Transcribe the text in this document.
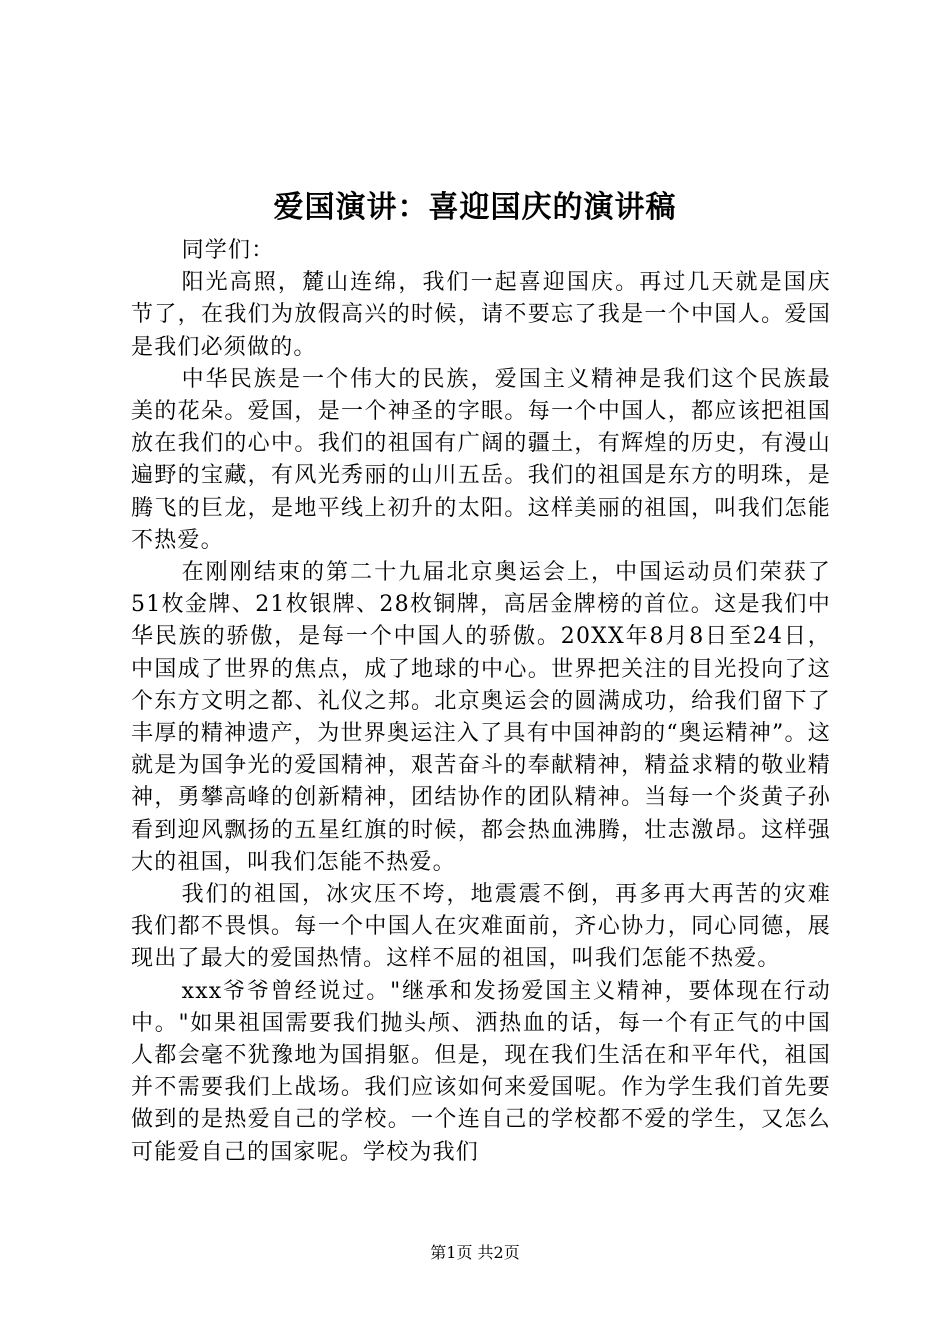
爱国演讲：喜迎国庆的演讲稿

同学们：

阳光高照，麓山连绵，我们一起喜迎国庆。再过几天就是国庆节了，在我们为放假高兴的时候，请不要忘了我是一个中国人。爱国是我们必须做的。

中华民族是一个伟大的民族，爱国主义精神是我们这个民族最美的花朵。爱国，是一个神圣的字眼。每一个中国人，都应该把祖国放在我们的心中。我们的祖国有广阔的疆土，有辉煌的历史，有漫山遍野的宝藏，有风光秀丽的山川五岳。我们的祖国是东方的明珠，是腾飞的巨龙，是地平线上初升的太阳。这样美丽的祖国，叫我们怎能不热爱。

在刚刚结束的第二十九届北京奥运会上，中国运动员们荣获了51枚金牌、21枚银牌、28枚铜牌，高居金牌榜的首位。这是我们中华民族的骄傲，是每一个中国人的骄傲。20XX年8月8日至24日，中国成了世界的焦点，成了地球的中心。世界把关注的目光投向了这个东方文明之都、礼仪之邦。北京奥运会的圆满成功，给我们留下了丰厚的精神遗产，为世界奥运注入了具有中国神韵的“奥运精神”。这就是为国争光的爱国精神，艰苦奋斗的奉献精神，精益求精的敬业精神，勇攀高峰的创新精神，团结协作的团队精神。当每一个炎黄子孙看到迎风飘扬的五星红旗的时候，都会热血沸腾，壮志激昂。这样强大的祖国，叫我们怎能不热爱。

我们的祖国，冰灾压不垮，地震震不倒，再多再大再苦的灾难我们都不畏惧。每一个中国人在灾难面前，齐心协力，同心同德，展现出了最大的爱国热情。这样不屈的祖国，叫我们怎能不热爱。

xxx爷爷曾经说过。"继承和发扬爱国主义精神，要体现在行动中。"如果祖国需要我们抛头颅、洒热血的话，每一个有正气的中国人都会毫不犹豫地为国捐躯。但是，现在我们生活在和平年代，祖国并不需要我们上战场。我们应该如何来爱国呢。作为学生我们首先要做到的是热爱自己的学校。一个连自己的学校都不爱的学生，又怎么可能爱自己的国家呢。学校为我们

第1页 共2页
